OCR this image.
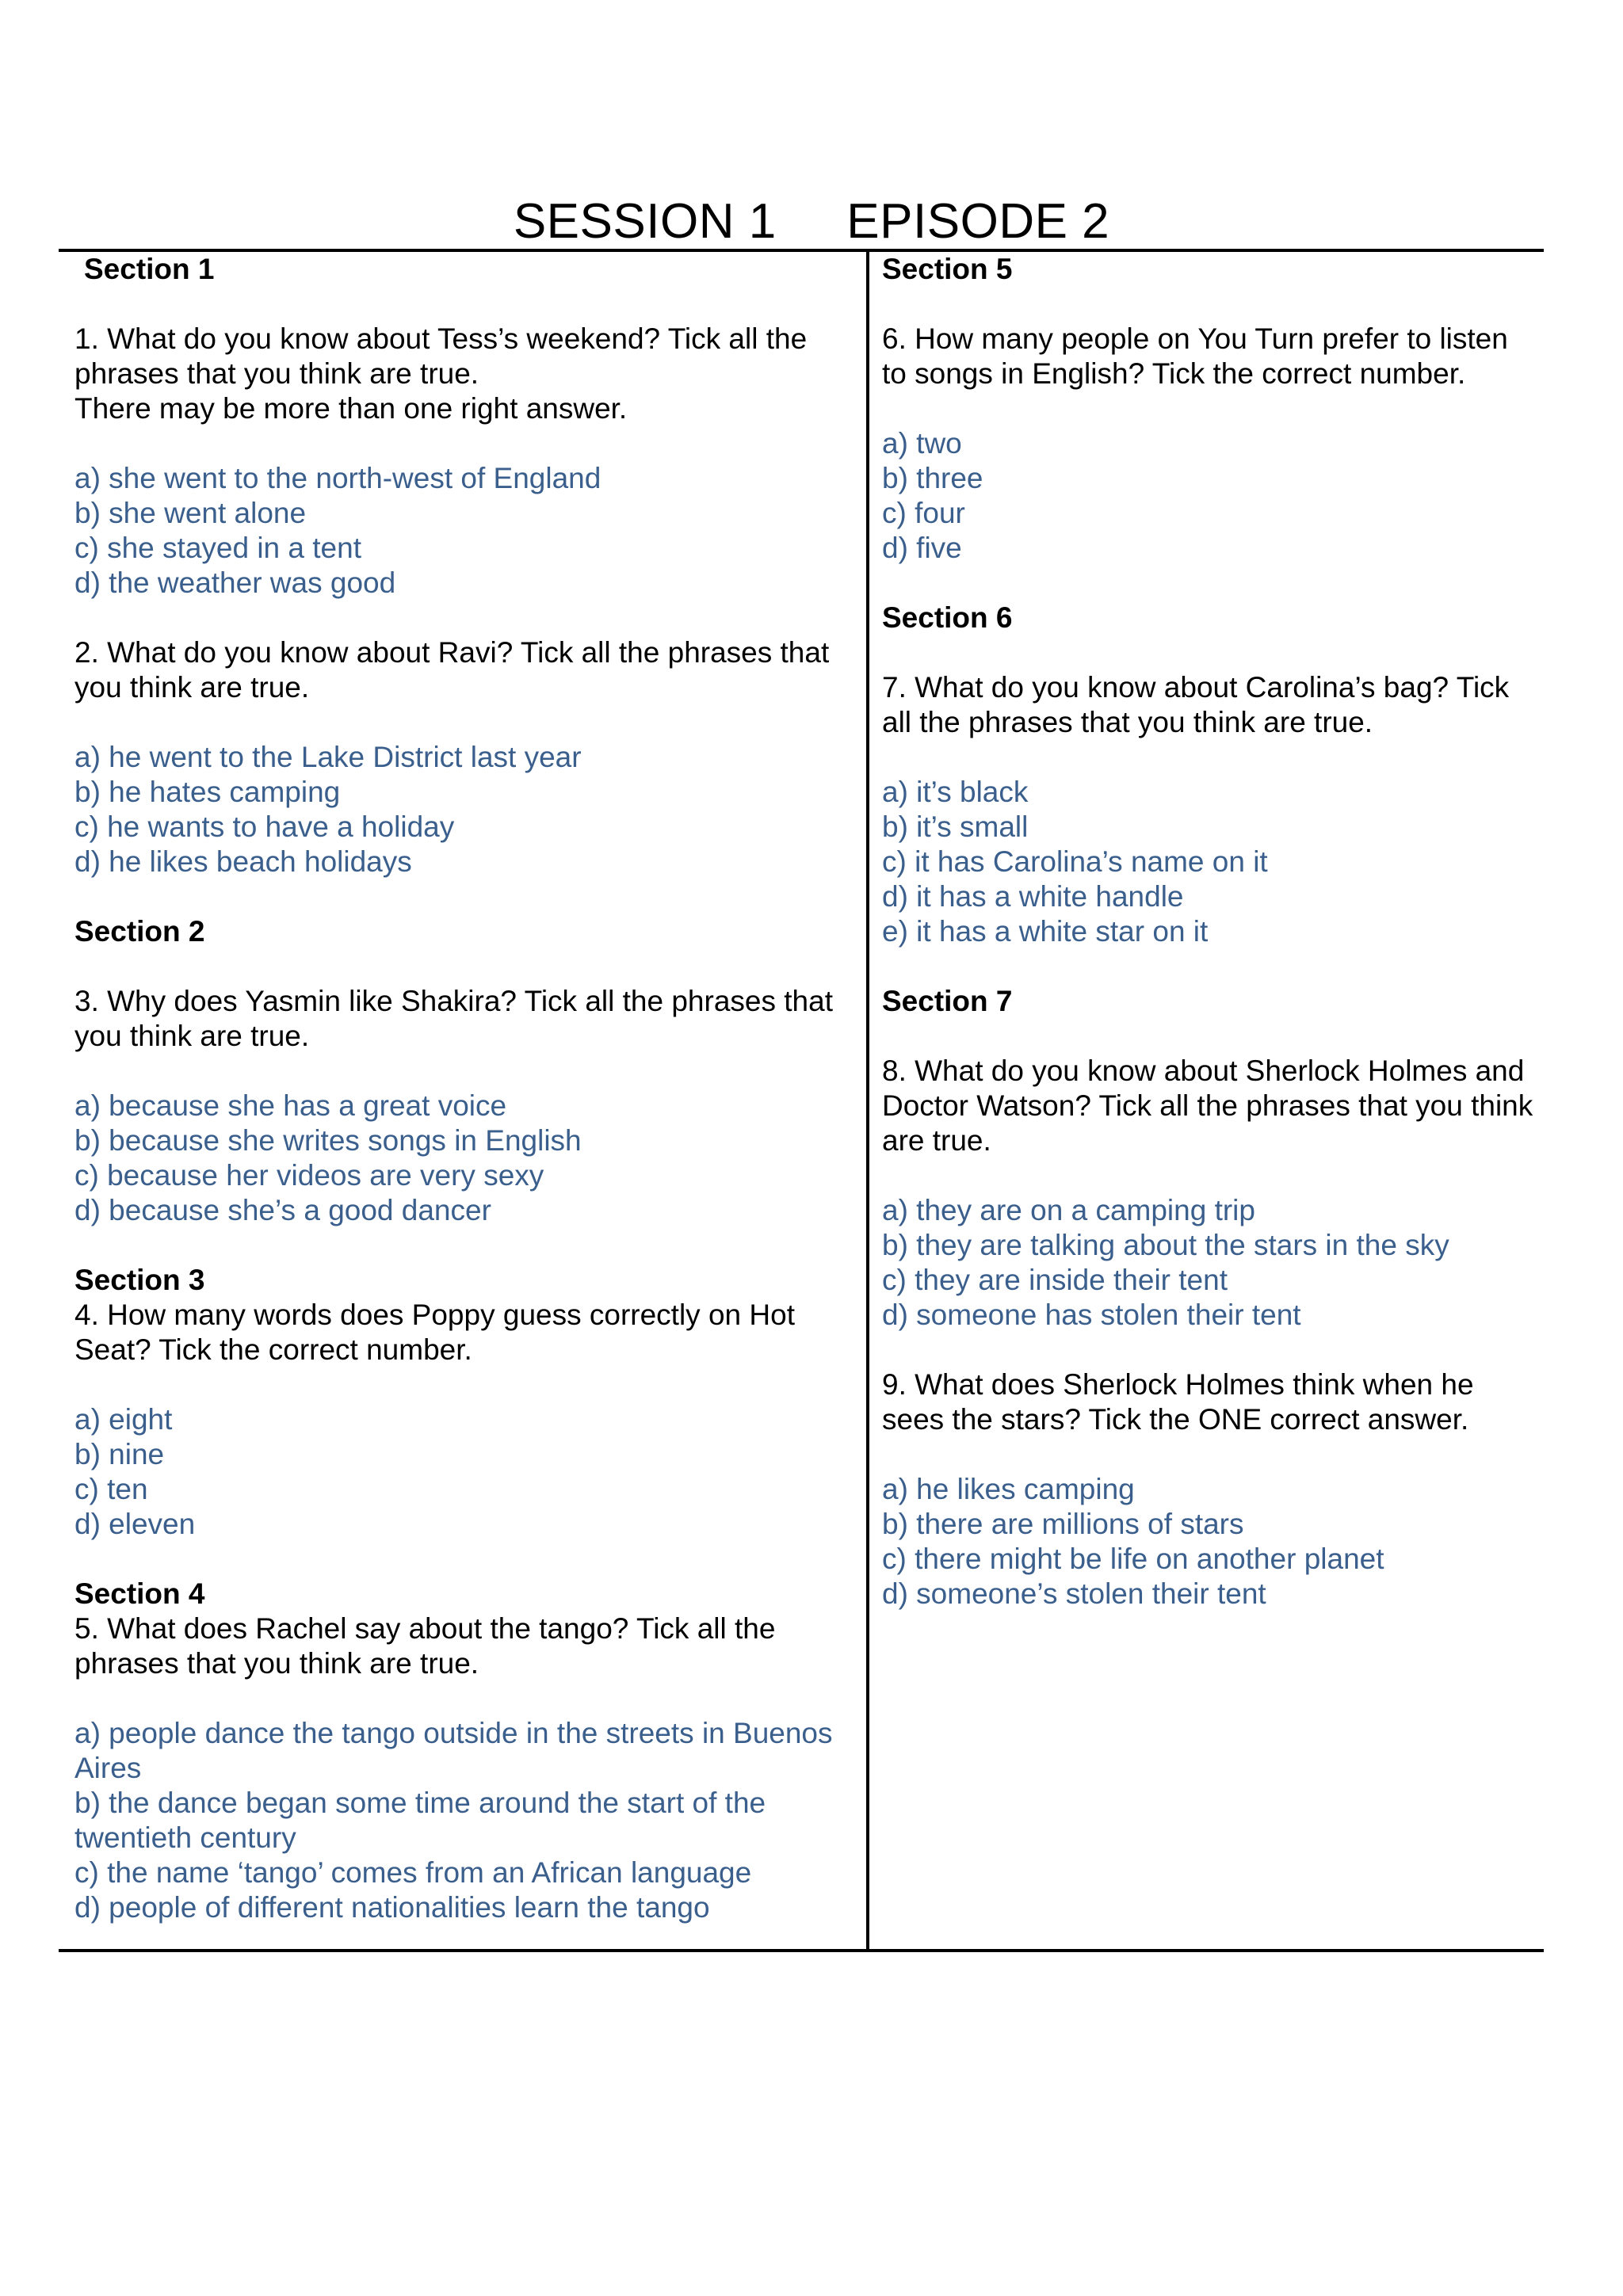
SESSION 1     EPISODE 2
Section 1
1. What do you know about Tess’s weekend? Tick all the phrases that you think are true.
There may be more than one right answer.
a) she went to the north-west of England
b) she went alone
c) she stayed in a tent
d) the weather was good
2. What do you know about Ravi? Tick all the phrases that you think are true.
a) he went to the Lake District last year
b) he hates camping
c) he wants to have a holiday
d) he likes beach holidays
Section 2
3. Why does Yasmin like Shakira? Tick all the phrases that you think are true.
a) because she has a great voice
b) because she writes songs in English
c) because her videos are very sexy
d) because she’s a good dancer
Section 3
4. How many words does Poppy guess correctly on Hot Seat? Tick the correct number.
a) eight
b) nine
c) ten
d) eleven
Section 4
5. What does Rachel say about the tango? Tick all the phrases that you think are true.
a) people dance the tango outside in the streets in Buenos Aires
b) the dance began some time around the start of the twentieth century
c) the name ‘tango’ comes from an African language
d) people of different nationalities learn the tango
Section 5
6. How many people on You Turn prefer to listen to songs in English? Tick the correct number.
a) two
b) three
c) four
d) five
Section 6
7. What do you know about Carolina’s bag? Tick all the phrases that you think are true.
a) it’s black
b) it’s small
c) it has Carolina’s name on it
d) it has a white handle
e) it has a white star on it
Section 7
8. What do you know about Sherlock Holmes and Doctor Watson? Tick all the phrases that you think are true.
a) they are on a camping trip
b) they are talking about the stars in the sky
c) they are inside their tent
d) someone has stolen their tent
9. What does Sherlock Holmes think when he sees the stars? Tick the ONE correct answer.
a) he likes camping
b) there are millions of stars
c) there might be life on another planet
d) someone’s stolen their tent
